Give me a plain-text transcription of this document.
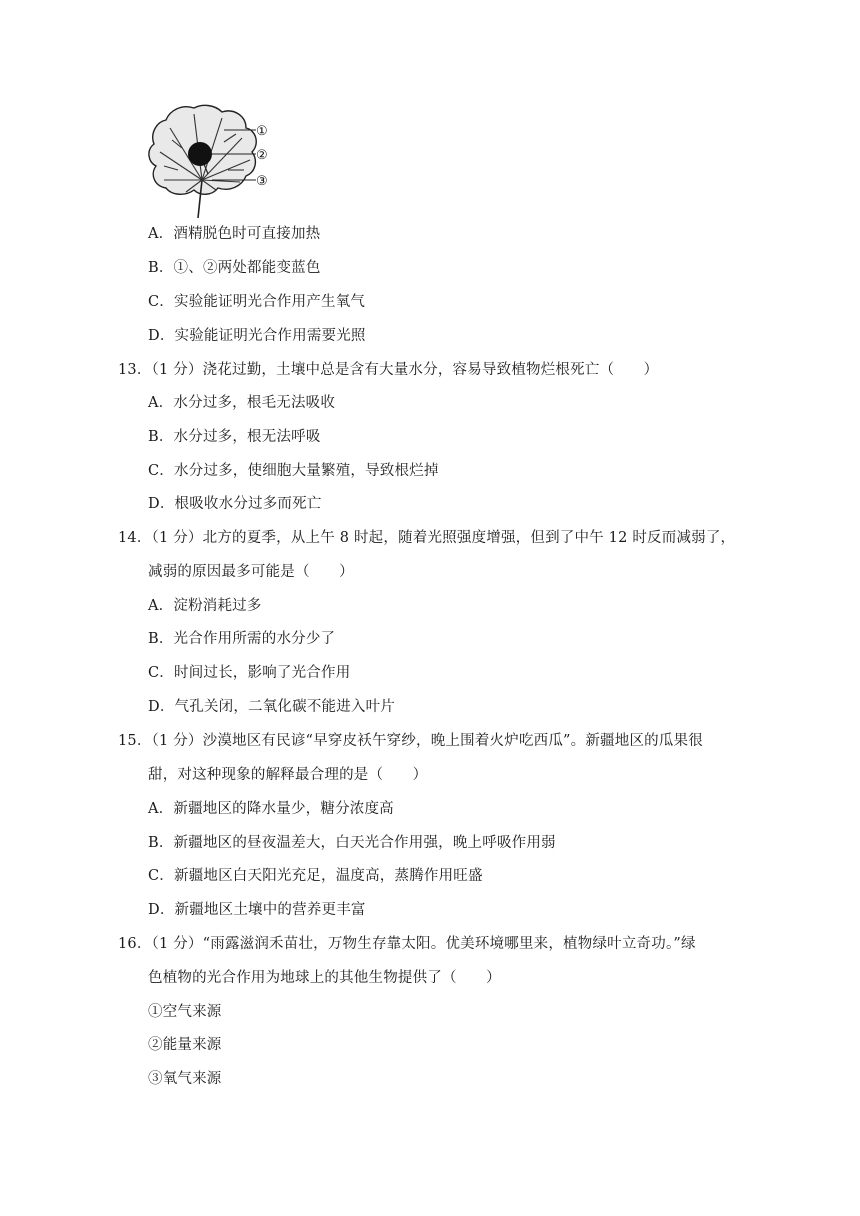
①
②
③
A．酒精脱色时可直接加热
B．①、②两处都能变蓝色
C．实验能证明光合作用产生氧气
D．实验能证明光合作用需要光照
13．（1 分）浇花过勤，土壤中总是含有大量水分，容易导致植物烂根死亡（　　）
A．水分过多，根毛无法吸收
B．水分过多，根无法呼吸
C．水分过多，使细胞大量繁殖，导致根烂掉
D．根吸收水分过多而死亡
14．（1 分）北方的夏季，从上午 8 时起，随着光照强度增强，但到了中午 12 时反而减弱了，
减弱的原因最多可能是（　　）
A．淀粉消耗过多
B．光合作用所需的水分少了
C．时间过长，影响了光合作用
D．气孔关闭，二氧化碳不能进入叶片
15．（1 分）沙漠地区有民谚“早穿皮袄午穿纱，晚上围着火炉吃西瓜”。新疆地区的瓜果很
甜，对这种现象的解释最合理的是（　　）
A．新疆地区的降水量少，糖分浓度高
B．新疆地区的昼夜温差大，白天光合作用强，晚上呼吸作用弱
C．新疆地区白天阳光充足，温度高，蒸腾作用旺盛
D．新疆地区土壤中的营养更丰富
16．（1 分）“雨露滋润禾苗壮，万物生存靠太阳。优美环境哪里来，植物绿叶立奇功。”绿
色植物的光合作用为地球上的其他生物提供了（　　）
①空气来源
②能量来源
③氧气来源
